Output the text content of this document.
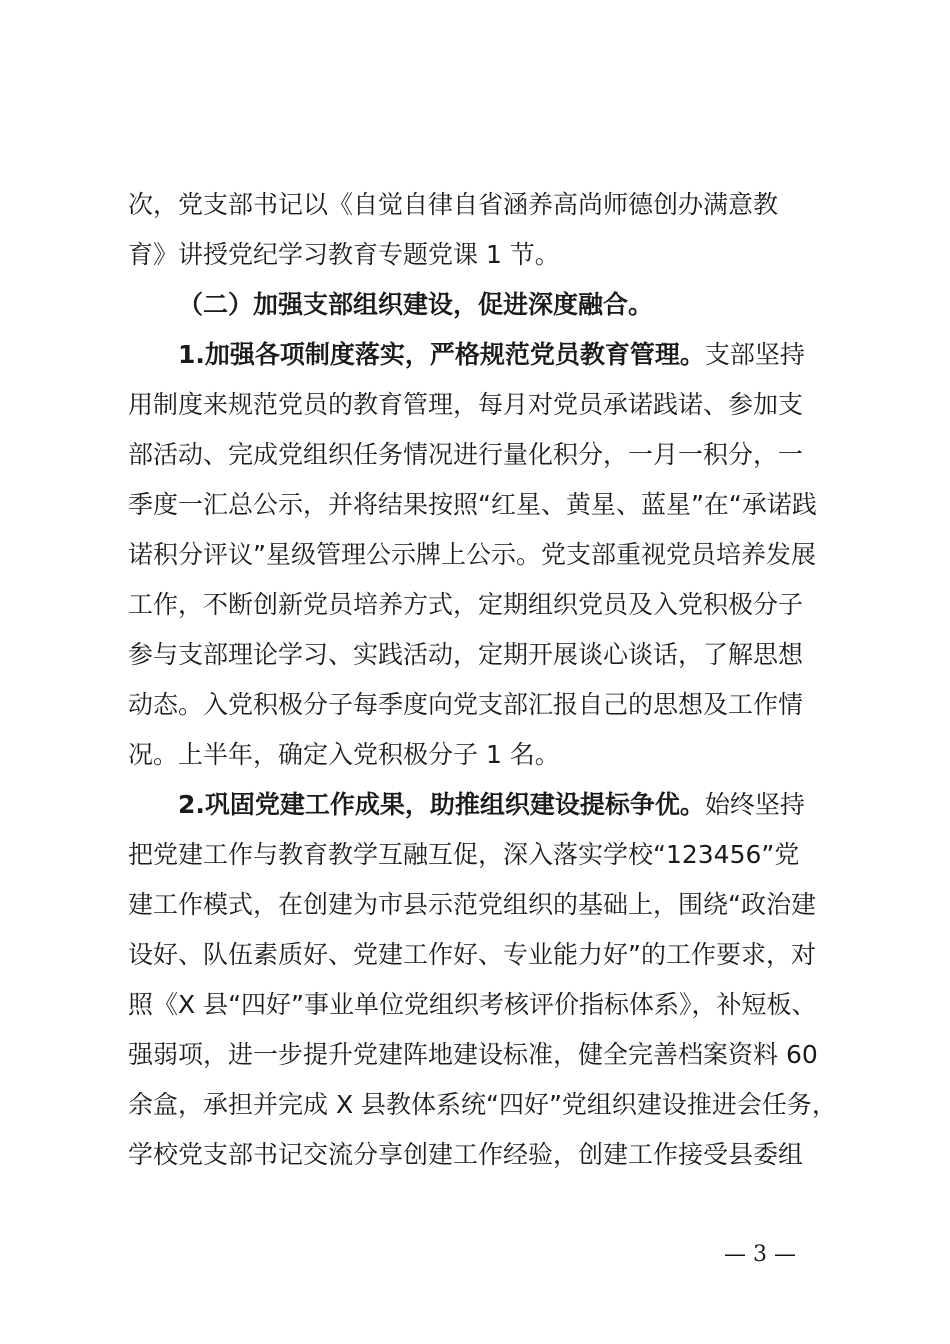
次，党支部书记以《自觉自律自省涵养高尚师德创办满意教
育》讲授党纪学习教育专题党课 1 节。
（二）加强支部组织建设，促进深度融合。
1.加强各项制度落实，严格规范党员教育管理。支部坚持
用制度来规范党员的教育管理，每月对党员承诺践诺、参加支
部活动、完成党组织任务情况进行量化积分，一月一积分，一
季度一汇总公示，并将结果按照“红星、黄星、蓝星”在“承诺践
诺积分评议”星级管理公示牌上公示。党支部重视党员培养发展
工作，不断创新党员培养方式，定期组织党员及入党积极分子
参与支部理论学习、实践活动，定期开展谈心谈话，了解思想
动态。入党积极分子每季度向党支部汇报自己的思想及工作情
况。上半年，确定入党积极分子 1 名。
2.巩固党建工作成果，助推组织建设提标争优。始终坚持
把党建工作与教育教学互融互促，深入落实学校“123456”党
建工作模式，在创建为市县示范党组织的基础上，围绕“政治建
设好、队伍素质好、党建工作好、专业能力好”的工作要求，对
照《X 县“四好”事业单位党组织考核评价指标体系》，补短板、
强弱项，进一步提升党建阵地建设标准，健全完善档案资料 60
余盒，承担并完成 X 县教体系统“四好”党组织建设推进会任务，
学校党支部书记交流分享创建工作经验，创建工作接受县委组
— 3 —
